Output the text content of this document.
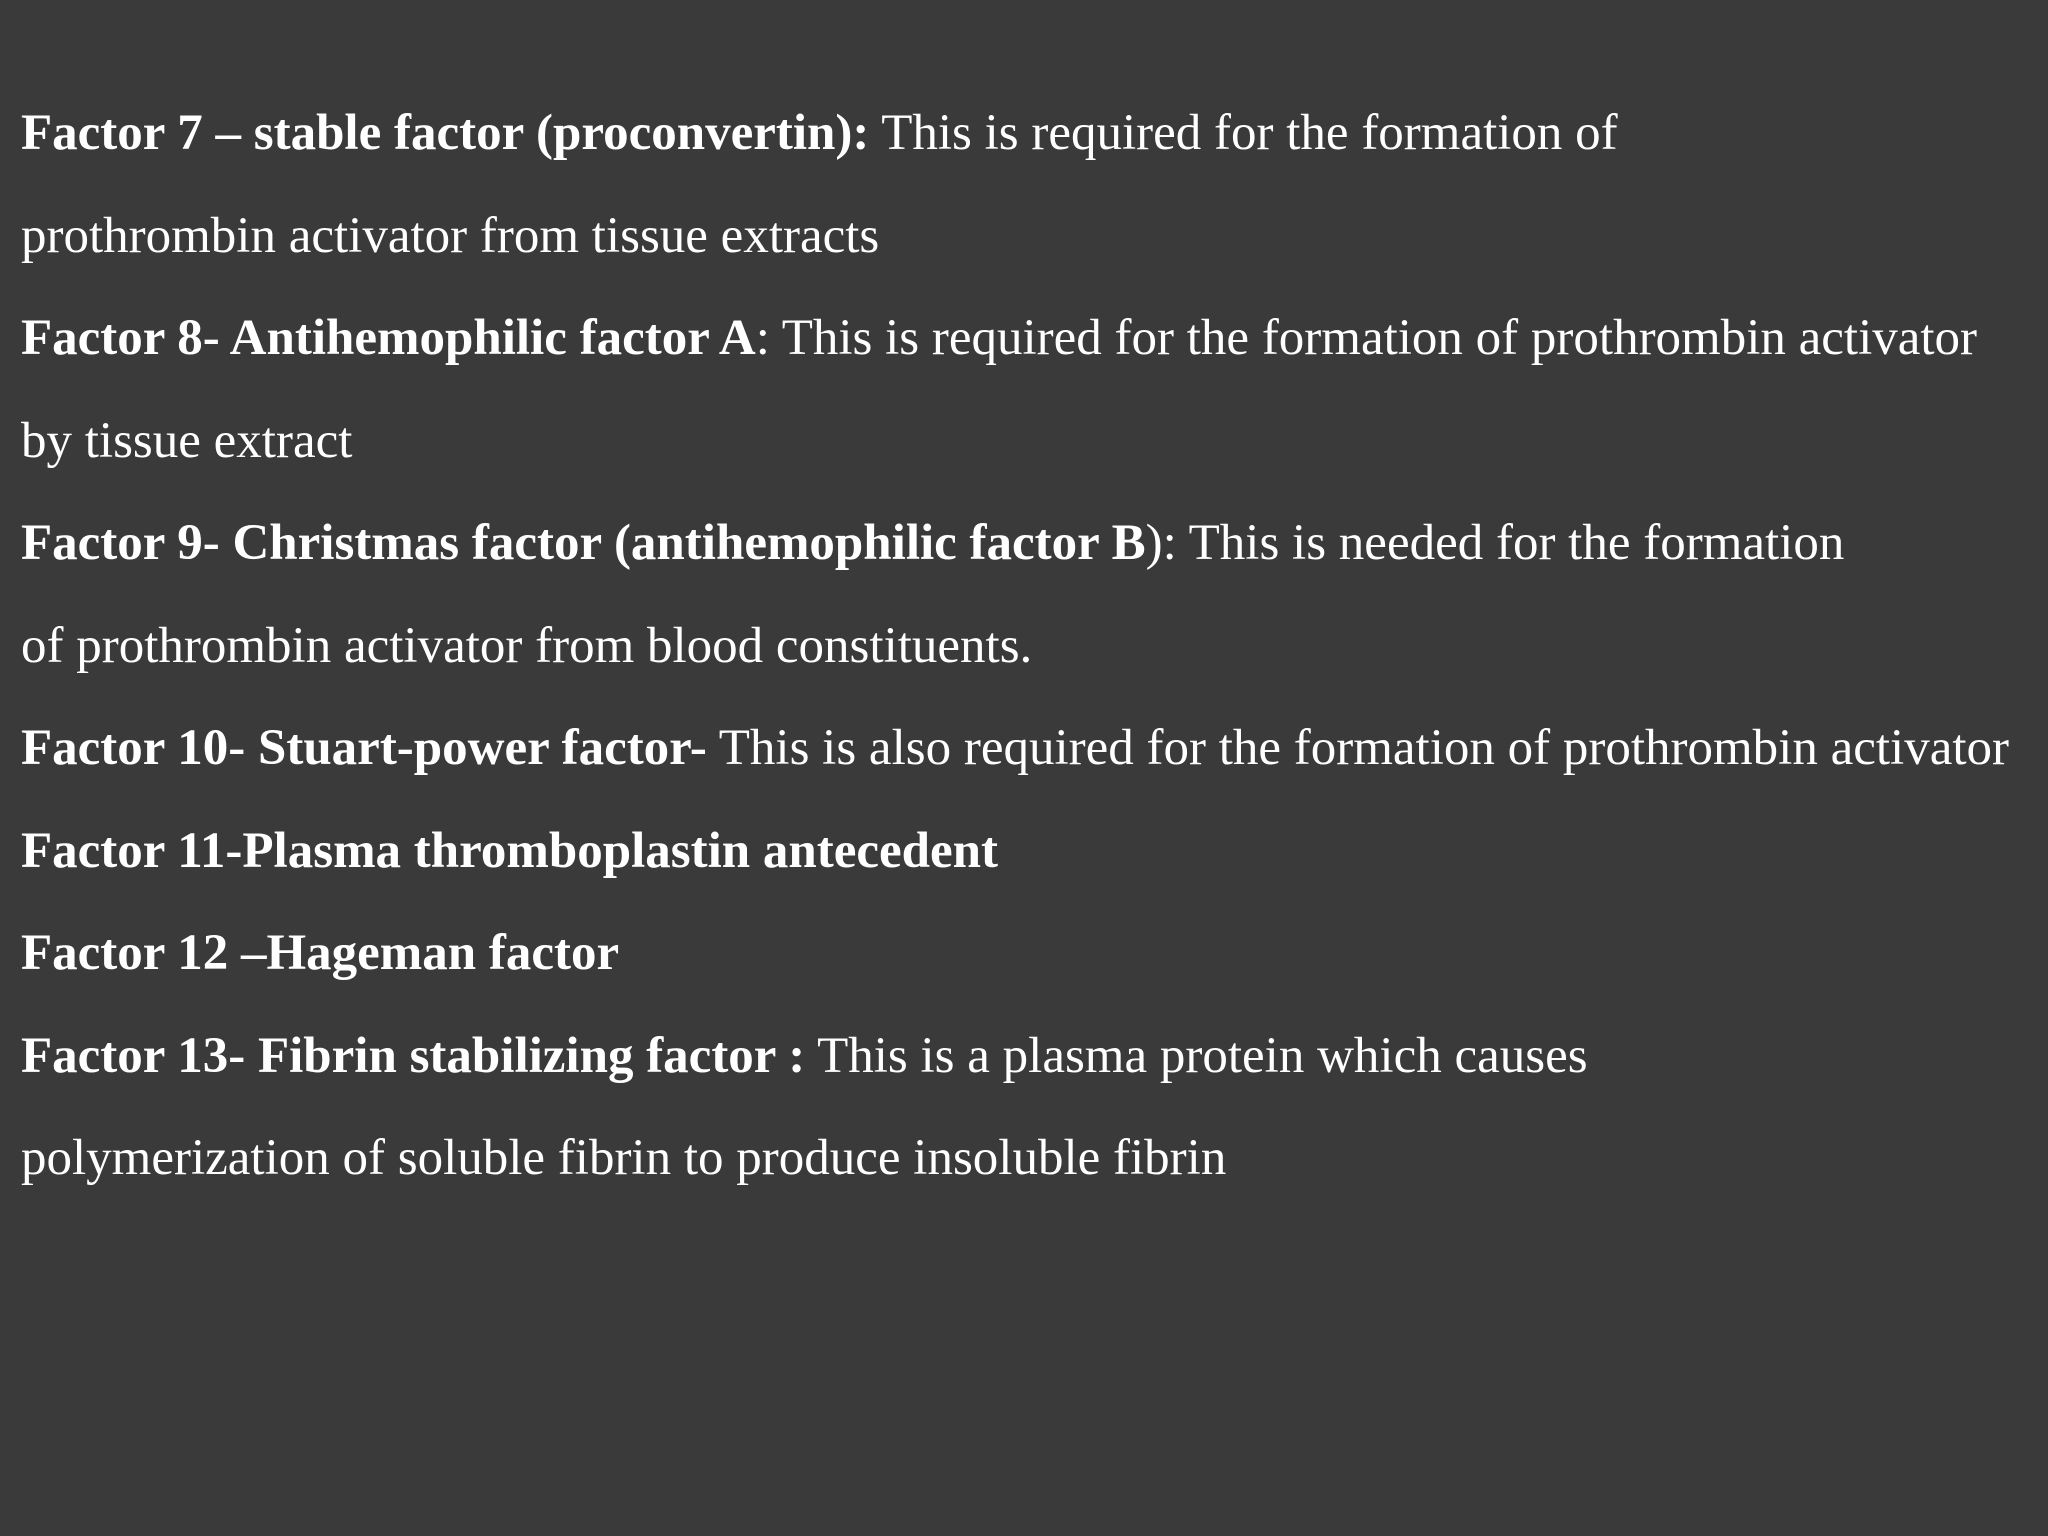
Factor 7 – stable factor (proconvertin): This is required for the formation of prothrombin activator from tissue extracts

Factor 8- Antihemophilic factor A: This is required for the formation of prothrombin activator by tissue extract

Factor 9- Christmas factor (antihemophilic factor B): This is needed for the formation of prothrombin activator from blood constituents.

Factor 10- Stuart-power factor- This is also required for the formation of prothrombin activator

Factor 11-Plasma thromboplastin antecedent

Factor 12 –Hageman factor

Factor 13- Fibrin stabilizing factor : This is a plasma protein which causes polymerization of soluble fibrin to produce insoluble fibrin
